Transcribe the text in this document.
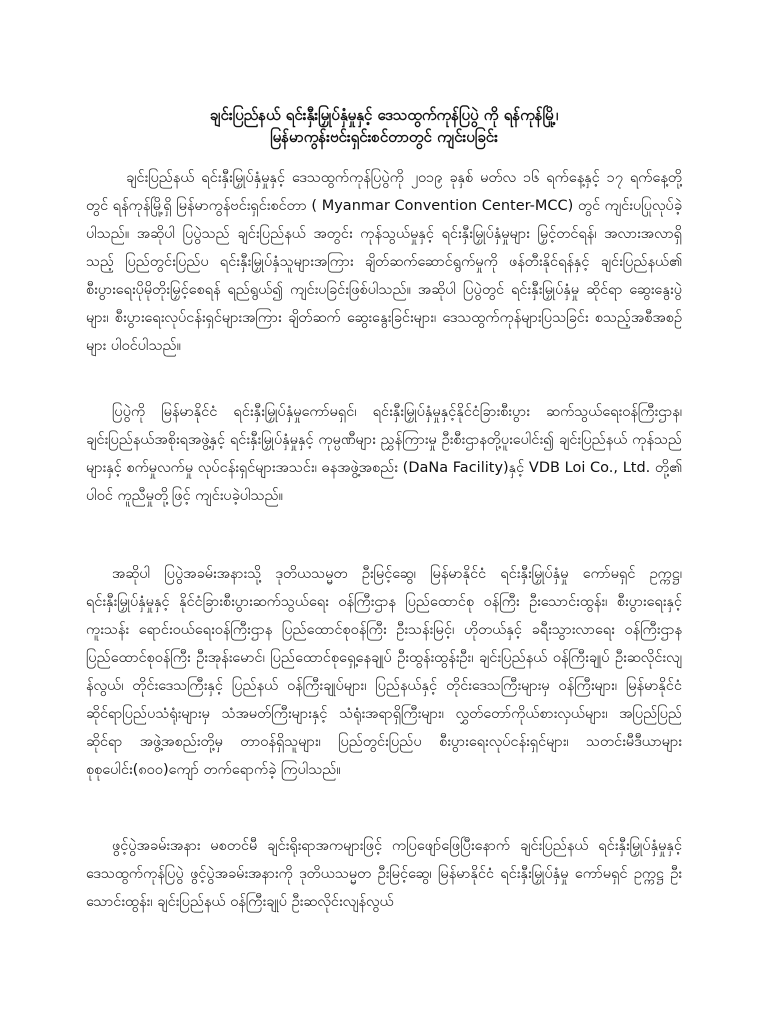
ချင်းပြည်နယ် ရင်းနှီးမြှုပ်နှံမှုနှင့် ဒေသထွက်ကုန်ပြပွဲ ကို ရန်ကုန်မြို့၊

မြန်မာကွန်းဗင်းရှင်းစင်တာတွင် ကျင်းပခြင်း

ချင်းပြည်နယ် ရင်းနှီးမြှုပ်နှံမှုနှင့် ဒေသထွက်ကုန်ပြပွဲကို ၂၀၁၉ ခုနှစ် မတ်လ ၁၆ ရက်နေ့နှင့် ၁၇ ရက်နေ့တို့တွင် ရန်ကုန်မြို့ရှိ မြန်မာကွန်ဗင်းရှင်းစင်တာ ( Myanmar Convention Center-MCC) တွင် ကျင်းပပြုလုပ်ခဲ့ပါသည်။ အဆိုပါ ပြပွဲသည် ချင်းပြည်နယ် အတွင်း ကုန်သွယ်မှုနှင့် ရင်းနှီးမြှုပ်နှံမှုများ မြှင့်တင်ရန်၊ အလားအလာရှိသည့် ပြည်တွင်းပြည်ပ ရင်းနှီးမြှုပ်နှံသူများအကြား ချိတ်ဆက်ဆောင်ရွက်မှုကို ဖန်တီးနိုင်ရန်နှင့် ချင်းပြည်နယ်၏ စီးပွားရေးပိုမိုတိုးမြှင့်စေရန် ရည်ရွယ်၍ ကျင်းပခြင်းဖြစ်ပါသည်။ အဆိုပါ ပြပွဲတွင် ရင်းနှီးမြှုပ်နှံမှု ဆိုင်ရာ ဆွေးနွေးပွဲများ၊ စီးပွားရေးလုပ်ငန်းရှင်များအကြား ချိတ်ဆက် ဆွေးနွေးခြင်းများ၊ ဒေသထွက်ကုန်များပြသခြင်း စသည့်အစီအစဉ်များ ပါဝင်ပါသည်။

ပြပွဲကို မြန်မာနိုင်ငံ ရင်းနှီးမြှုပ်နှံမှုကော်မရှင်၊ ရင်းနှီးမြှုပ်နှံမှုနှင့်နိုင်ငံခြားစီးပွား ဆက်သွယ်ရေးဝန်ကြီးဌာန၊ ချင်းပြည်နယ်အစိုးရအဖွဲ့နှင့် ရင်းနှီးမြှုပ်နှံမှုနှင့် ကုမ္ပဏီများ ညွှန်ကြားမှု ဦးစီးဌာနတို့ပူးပေါင်း၍ ချင်းပြည်နယ် ကုန်သည်များနှင့် စက်မှုလက်မှု လုပ်ငန်းရှင်များအသင်း၊ ဓနအဖွဲ့အစည်း (DaNa Facility)နှင့် VDB Loi Co., Ltd. တို့၏ ပါဝင် ကူညီမှုတို့ဖြင့် ကျင်းပခဲ့ပါသည်။

အဆိုပါ ပြပွဲအခမ်းအနားသို့ ဒုတိယသမ္မတ ဦးမြင့်ဆွေ၊ မြန်မာနိုင်ငံ ရင်းနှီးမြှုပ်နှံမှု ကော်မရှင် ဥက္ကဋ္ဌ၊ ရင်းနှီးမြှုပ်နှံမှုနှင့် နိုင်ငံခြားစီးပွားဆက်သွယ်ရေး ဝန်ကြီးဌာန ပြည်ထောင်စု ဝန်ကြီး ဦးသောင်းထွန်း၊ စီးပွားရေးနှင့် ကူးသန်း ရောင်းဝယ်ရေးဝန်ကြီးဌာန ပြည်ထောင်စုဝန်ကြီး ဦးသန်းမြင့်၊ ဟိုတယ်နှင့် ခရီးသွားလာရေး ဝန်ကြီးဌာန ပြည်ထောင်စုဝန်ကြီး ဦးအုန်းမောင်၊ ပြည်ထောင်စုရှေ့နေချုပ် ဦးထွန်းထွန်းဦး၊ ချင်းပြည်နယ် ဝန်ကြီးချုပ် ဦးဆလိုင်းလျန်လွယ်၊ တိုင်းဒေသကြီးနှင့် ပြည်နယ် ဝန်ကြီးချုပ်များ၊ ပြည်နယ်နှင့် တိုင်းဒေသကြီးများမှ ဝန်ကြီးများ၊ မြန်မာနိုင်ငံ ဆိုင်ရာပြည်ပသံရုံးများမှ သံအမတ်ကြီးများနှင့် သံရုံးအရာရှိကြီးများ၊ လွှတ်တော်ကိုယ်စားလှယ်များ၊ အပြည်ပြည်ဆိုင်ရာ အဖွဲ့အစည်းတို့မှ တာဝန်ရှိသူများ၊ ပြည်တွင်းပြည်ပ စီးပွားရေးလုပ်ငန်းရှင်များ၊ သတင်းမီဒီယာများ စုစုပေါင်း(၈၀၀)ကျော် တက်ရောက်ခဲ့ ကြပါသည်။

ဖွင့်ပွဲအခမ်းအနား မစတင်မီ ချင်းရိုးရာအကများဖြင့် ကပြဖျော်ဖြေပြီးနောက် ချင်းပြည်နယ် ရင်းနှီးမြှုပ်နှံမှုနှင့် ဒေသထွက်ကုန်ပြပွဲ ဖွင့်ပွဲအခမ်းအနားကို ဒုတိယသမ္မတ ဦးမြင့်ဆွေ၊ မြန်မာနိုင်ငံ ရင်းနှီးမြှုပ်နှံမှု ကော်မရှင် ဥက္ကဋ္ဌ ဦးသောင်းထွန်း၊ ချင်းပြည်နယ် ဝန်ကြီးချုပ် ဦးဆလိုင်းလျန်လွယ်
